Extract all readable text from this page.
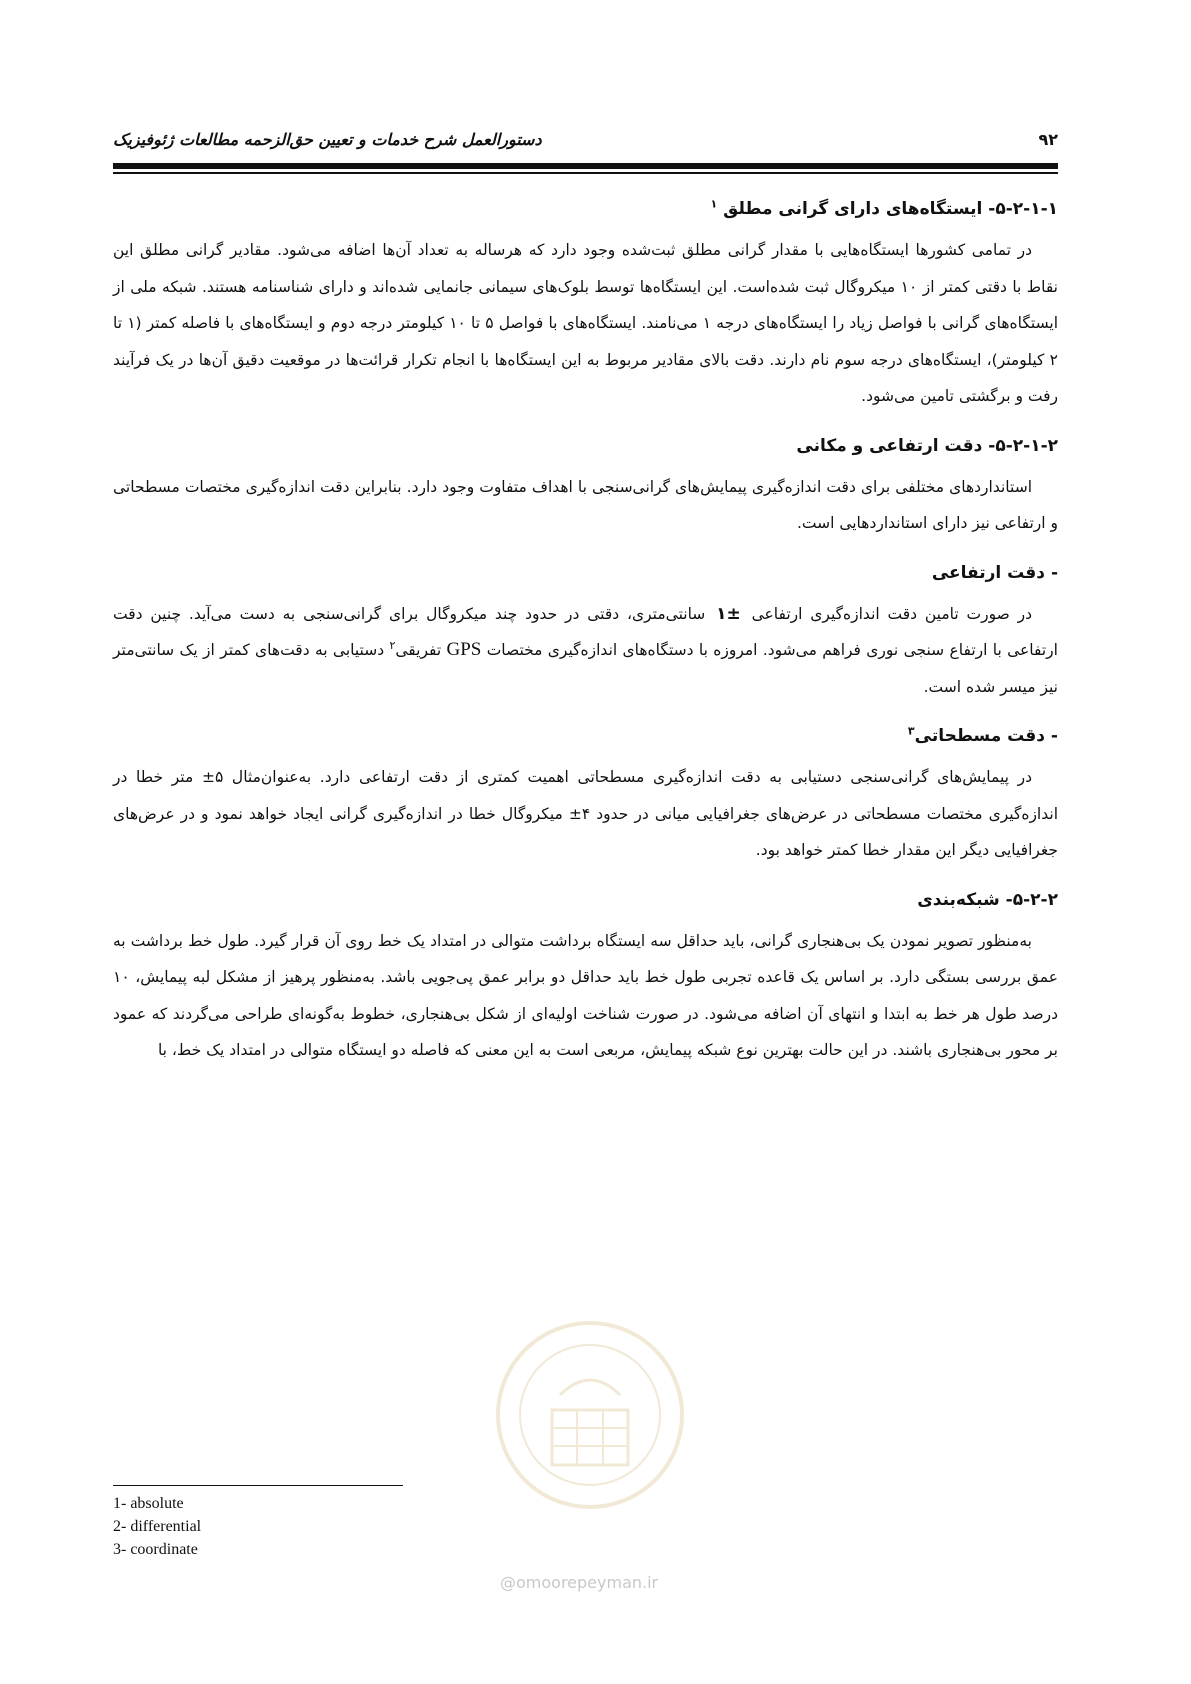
۹۲
دستورالعمل شرح خدمات و تعیین حق‌الزحمه مطالعات ژئوفیزیک
۵-۲-۱-۱- ایستگاه‌های دارای گرانی مطلق $^۱$

در تمامی کشورها ایستگاه‌هایی با مقدار گرانی مطلق ثبت‌شده وجود دارد که هرساله به تعداد آن‌ها اضافه می‌شود. مقادیر گرانی مطلق این نقاط با دقتی کمتر از ۱۰ میکروگال ثبت شده‌است. این ایستگاه‌ها توسط بلوک‌های سیمانی جانمایی شده‌اند و دارای شناسنامه هستند. شبکه ملی از ایستگاه‌های گرانی با فواصل زیاد را ایستگاه‌های درجه ۱ می‌نامند. ایستگاه‌های با فواصل ۵ تا ۱۰ کیلومتر درجه دوم و ایستگاه‌های با فاصله کمتر (۱ تا ۲ کیلومتر)، ایستگاه‌های درجه سوم نام دارند. دقت بالای مقادیر مربوط به این ایستگاه‌ها با انجام تکرار قرائت‌ها در موقعیت دقیق آن‌ها در یک فرآیند رفت و برگشتی تامین می‌شود.

۵-۲-۱-۲- دقت ارتفاعی و مکانی

استانداردهای مختلفی برای دقت اندازه‌گیری پیمایش‌های گرانی‌سنجی با اهداف متفاوت وجود دارد. بنابراین دقت اندازه‌گیری مختصات مسطحاتی و ارتفاعی نیز دارای استانداردهایی است.

- دقت ارتفاعی

در صورت تامین دقت اندازه‌گیری ارتفاعی ±۱ سانتی‌متری، دقتی در حدود چند میکروگال برای گرانی‌سنجی به دست می‌آید. چنین دقت ارتفاعی با ارتفاع سنجی نوری فراهم می‌شود. امروزه با دستگاه‌های اندازه‌گیری مختصات GPS تفریقی$^۲$ دستیابی به دقت‌های کمتر از یک سانتی‌متر نیز میسر شده است.

- دقت مسطحاتی$^۳$

در پیمایش‌های گرانی‌سنجی دستیابی به دقت اندازه‌گیری مسطحاتی اهمیت کمتری از دقت ارتفاعی دارد. به‌عنوان‌مثال ۵± متر خطا در اندازه‌گیری مختصات مسطحاتی در عرض‌های جغرافیایی میانی در حدود ۴± میکروگال خطا در اندازه‌گیری گرانی ایجاد خواهد نمود و در عرض‌های جغرافیایی دیگر این مقدار خطا کمتر خواهد بود.

۵-۲-۲- شبکه‌بندی

به‌منظور تصویر نمودن یک بی‌هنجاری گرانی، باید حداقل سه ایستگاه برداشت متوالی در امتداد یک خط روی آن قرار گیرد. طول خط برداشت به عمق بررسی بستگی دارد. بر اساس یک قاعده تجربی طول خط باید حداقل دو برابر عمق پی‌جویی باشد. به‌منظور پرهیز از مشکل لبه پیمایش، ۱۰ درصد طول هر خط به ابتدا و انتهای آن اضافه می‌شود. در صورت شناخت اولیه‌ای از شکل بی‌هنجاری، خطوط به‌گونه‌ای طراحی می‌گردند که عمود بر محور بی‌هنجاری باشند. در این حالت بهترین نوع شبکه پیمایش، مربعی است به این معنی که فاصله دو ایستگاه متوالی در امتداد یک خط، با

@omoorepeyman.ir
1- absolute
2- differential
3- coordinate
